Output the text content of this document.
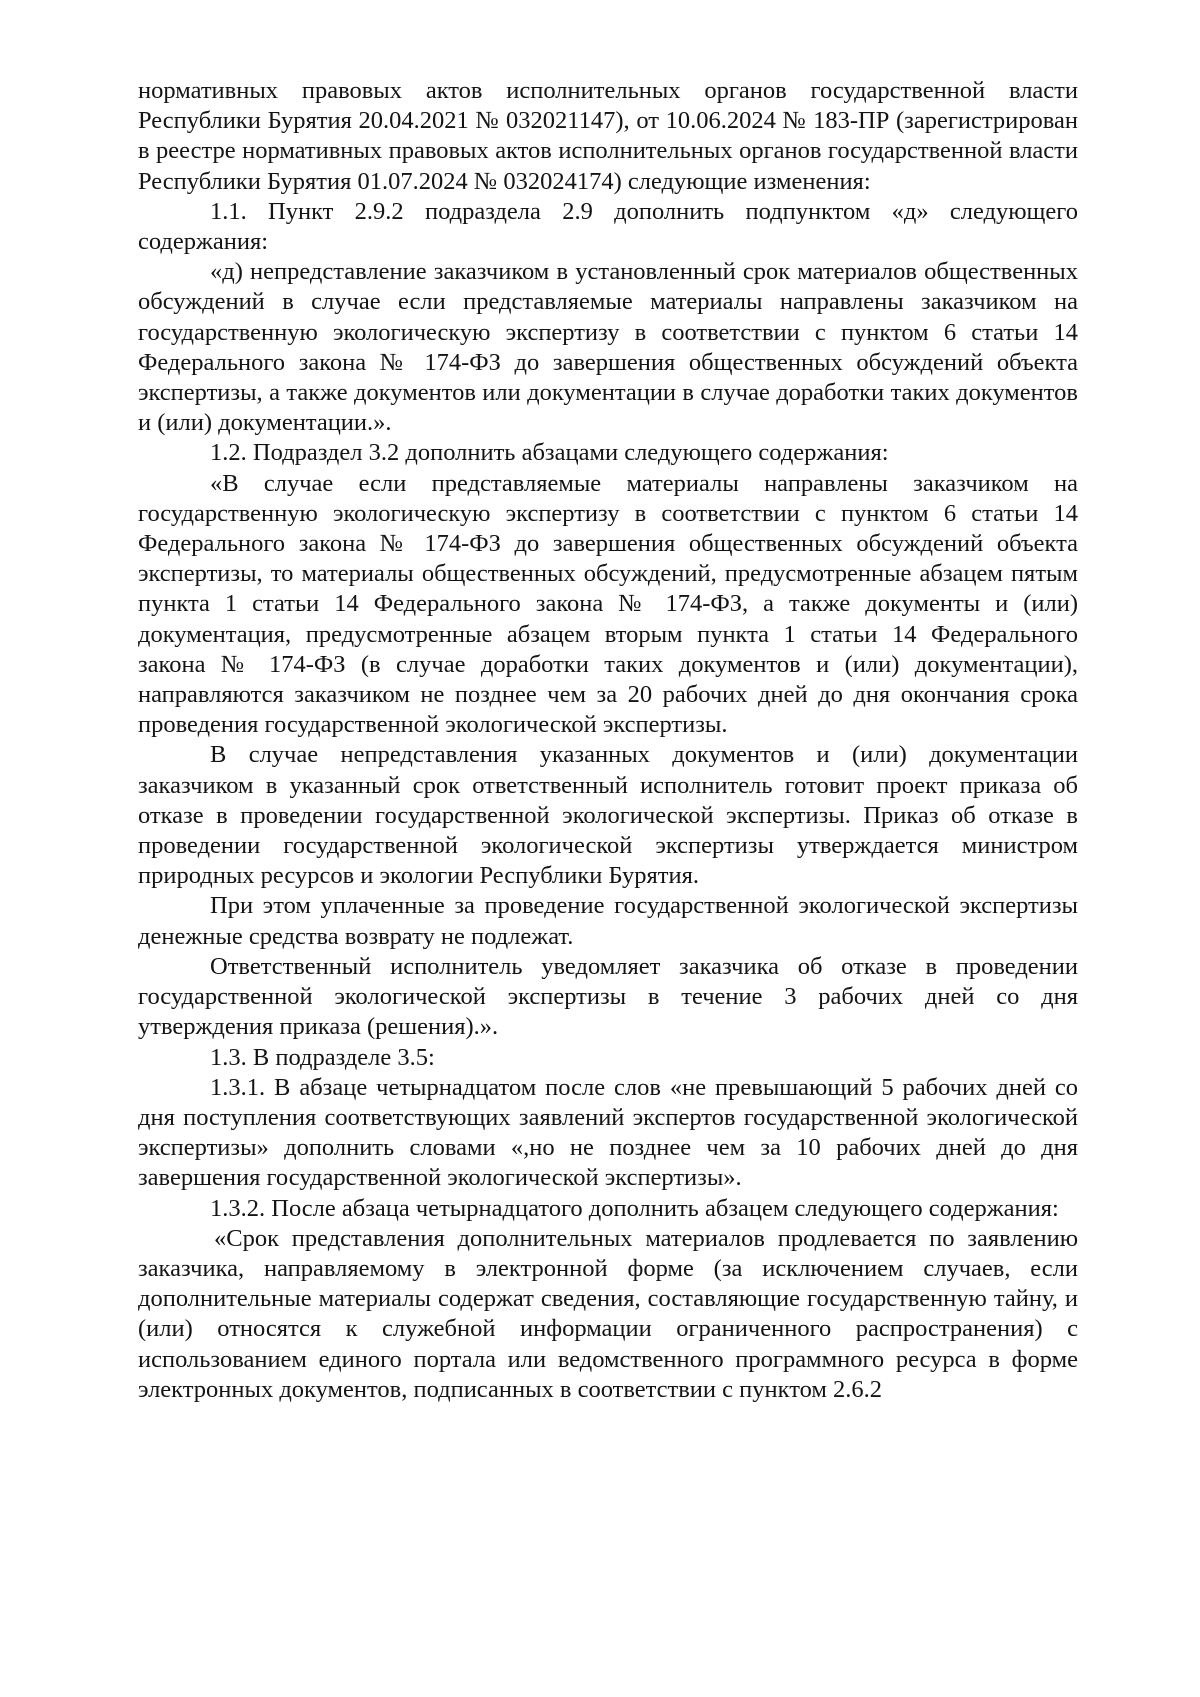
нормативных правовых актов исполнительных органов государственной власти Республики Бурятия 20.04.2021 № 032021147), от 10.06.2024 № 183-ПР (зарегистрирован в реестре нормативных правовых актов исполнительных органов государственной власти Республики Бурятия 01.07.2024 № 032024174) следующие изменения:

1.1. Пункт 2.9.2 подраздела 2.9 дополнить подпунктом «д» следующего содержания:

«д) непредставление заказчиком в установленный срок материалов общественных обсуждений в случае если представляемые материалы направлены заказчиком на государственную экологическую экспертизу в соответствии с пунктом 6 статьи 14 Федерального закона № 174-ФЗ до завершения общественных обсуждений объекта экспертизы, а также документов или документации в случае доработки таких документов и (или) документации.».

1.2. Подраздел 3.2 дополнить абзацами следующего содержания:

«В случае если представляемые материалы направлены заказчиком на государственную экологическую экспертизу в соответствии с пунктом 6 статьи 14 Федерального закона № 174-ФЗ до завершения общественных обсуждений объекта экспертизы, то материалы общественных обсуждений, предусмотренные абзацем пятым пункта 1 статьи 14 Федерального закона № 174-ФЗ, а также документы и (или) документация, предусмотренные абзацем вторым пункта 1 статьи 14 Федерального закона № 174-ФЗ (в случае доработки таких документов и (или) документации), направляются заказчиком не позднее чем за 20 рабочих дней до дня окончания срока проведения государственной экологической экспертизы.

В случае непредставления указанных документов и (или) документации заказчиком в указанный срок ответственный исполнитель готовит проект приказа об отказе в проведении государственной экологической экспертизы. Приказ об отказе в проведении государственной экологической экспертизы утверждается министром природных ресурсов и экологии Республики Бурятия.

При этом уплаченные за проведение государственной экологической экспертизы денежные средства возврату не подлежат.

Ответственный исполнитель уведомляет заказчика об отказе в проведении государственной экологической экспертизы в течение 3 рабочих дней со дня утверждения приказа (решения).».

1.3. В подразделе 3.5:

1.3.1. В абзаце четырнадцатом после слов «не превышающий 5 рабочих дней со дня поступления соответствующих заявлений экспертов государственной экологической экспертизы» дополнить словами «,но не позднее чем за 10 рабочих дней до дня завершения государственной экологической экспертизы».

1.3.2. После абзаца четырнадцатого дополнить абзацем следующего содержания:

«Срок представления дополнительных материалов продлевается по заявлению заказчика, направляемому в электронной форме (за исключением случаев, если дополнительные материалы содержат сведения, составляющие государственную тайну, и (или) относятся к служебной информации ограниченного распространения) с использованием единого портала или ведомственного программного ресурса в форме электронных документов, подписанных в соответствии с пунктом 2.6.2
